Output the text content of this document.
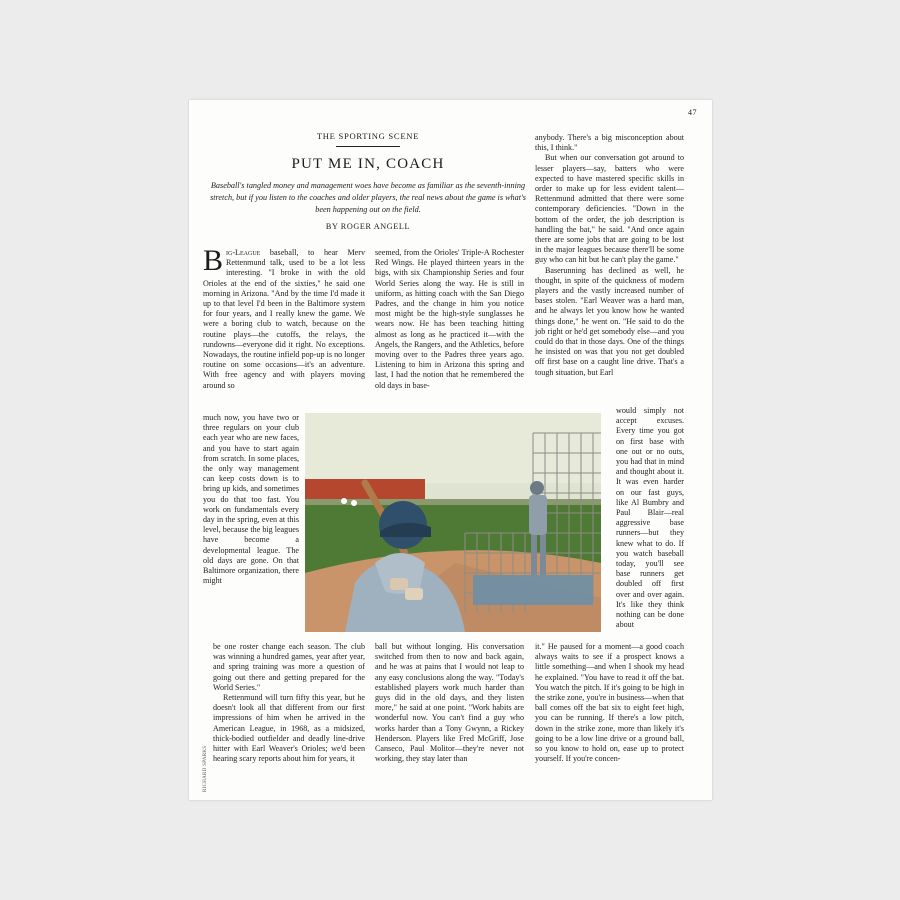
47
THE SPORTING SCENE
PUT ME IN, COACH
Baseball's tangled money and management woes have become as familiar as the seventh-inning stretch, but if you listen to the coaches and older players, the real news about the game is what's been happening out on the field.
BY ROGER ANGELL

Big-League baseball, to hear Merv Rettenmund talk, used to be a lot less interesting. "I broke in with the old Orioles at the end of the sixties," he said one morning in Arizona. "And by the time I'd made it up to that level I'd been in the Baltimore system for four years, and I really knew the game. We were a boring club to watch, because on the routine plays—the cutoffs, the relays, the rundowns—everyone did it right. No exceptions. Nowadays, the routine infield pop-up is no longer routine on some occasions—it's an adventure. With free agency and with players moving around so

much now, you have two or three regulars on your club each year who are new faces, and you have to start again from scratch. In some places, the only way management can keep costs down is to bring up kids, and sometimes you do that too fast. You work on fundamentals every day in the spring, even at this level, because the big leagues have become a developmental league. The old days are gone. On that Baltimore organization, there might

be one roster change each season. The club was winning a hundred games, year after year, and spring training was more a question of going out there and getting prepared for the World Series."

Rettenmund will turn fifty this year, but he doesn't look all that different from our first impressions of him when he arrived in the American League, in 1968, as a midsized, thick-bodied outfielder and deadly line-drive hitter with Earl Weaver's Orioles; we'd been hearing scary reports about him for years, it

seemed, from the Orioles' Triple-A Rochester Red Wings. He played thirteen years in the bigs, with six Championship Series and four World Series along the way. He is still in uniform, as hitting coach with the San Diego Padres, and the change in him you notice most might be the high-style sunglasses he wears now. He has been teaching hitting almost as long as he practiced it—with the Angels, the Rangers, and the Athletics, before moving over to the Padres three years ago. Listening to him in Arizona this spring and last, I had the notion that he remembered the old days in base-

ball but without longing. His conversation switched from then to now and back again, and he was at pains that I would not leap to any easy conclusions along the way. "Today's established players work much harder than guys did in the old days, and they listen more," he said at one point. "Work habits are wonderful now. You can't find a guy who works harder than a Tony Gwynn, a Rickey Henderson. Players like Fred McGriff, Jose Canseco, Paul Molitor—they're never not working, they stay later than

anybody. There's a big misconception about this, I think."

But when our conversation got around to lesser players—say, batters who were expected to have mastered specific skills in order to make up for less evident talent—Rettenmund admitted that there were some contemporary deficiencies. "Down in the bottom of the order, the job description is handling the bat," he said. "And once again there are some jobs that are going to be lost in the major leagues because there'll be some guy who can hit but he can't play the game."

Baserunning has declined as well, he thought, in spite of the quickness of modern players and the vastly increased number of bases stolen. "Earl Weaver was a hard man, and he always let you know how he wanted things done," he went on. "He said to do the job right or he'd get somebody else—and you could do that in those days. One of the things he insisted on was that you not get doubled off first base on a caught line drive. That's a tough situation, but Earl

would simply not accept excuses. Every time you got on first base with one out or no outs, you had that in mind and thought about it. It was even harder on our fast guys, like Al Bumbry and Paul Blair—real aggressive base runners—but they knew what to do. If you watch baseball today, you'll see base runners get doubled off first over and over again. It's like they think nothing can be done about

it." He paused for a moment—a good coach always waits to see if a prospect knows a little something—and when I shook my head he explained. "You have to read it off the bat. You watch the pitch. If it's going to be high in the strike zone, you're in business—when that ball comes off the bat six to eight feet high, you can be running. If there's a low pitch, down in the strike zone, more than likely it's going to be a low line drive or a ground ball, so you know to hold on, ease up to protect yourself. If you're concen-

RICHARD SPARKS
